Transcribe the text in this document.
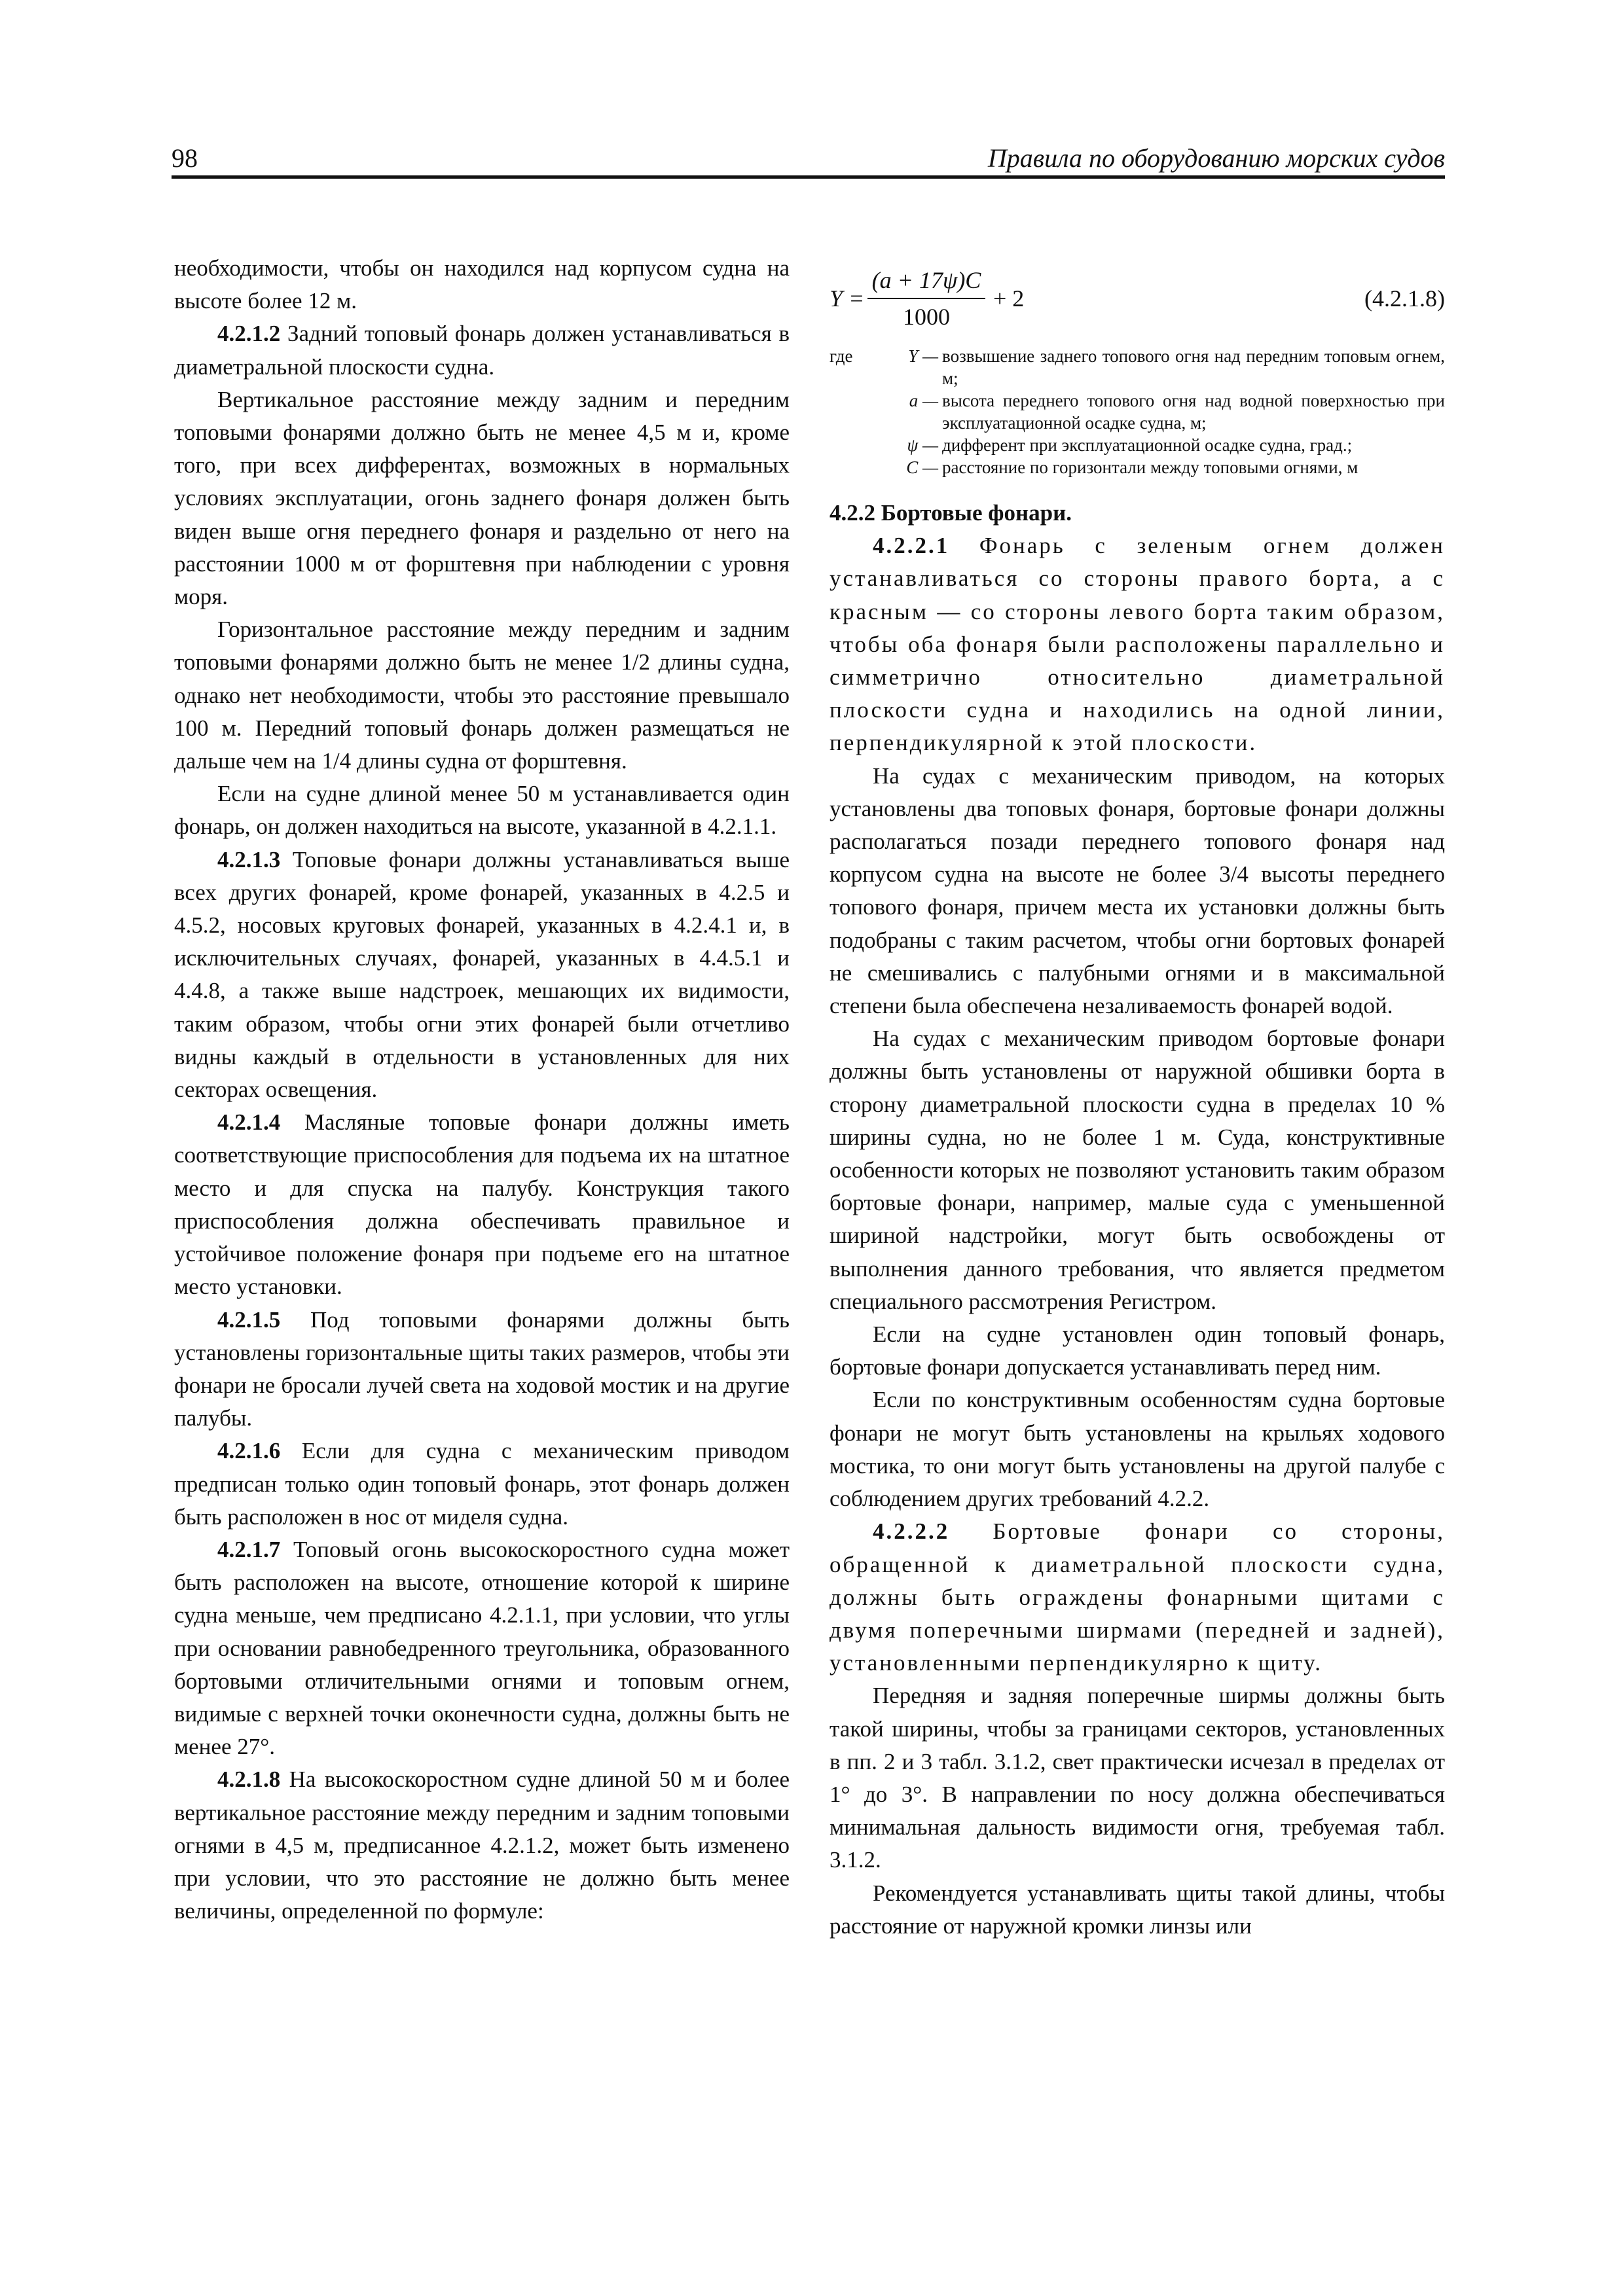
98	Правила по оборудованию морских судов

необходимости, чтобы он находился над корпусом судна на высоте более 12 м.

4.2.1.2 Задний топовый фонарь должен устанавливаться в диаметральной плоскости судна.

Вертикальное расстояние между задним и передним топовыми фонарями должно быть не менее 4,5 м и, кроме того, при всех дифферентах, возможных в нормальных условиях эксплуатации, огонь заднего фонаря должен быть виден выше огня переднего фонаря и раздельно от него на расстоянии 1000 м от форштевня при наблюдении с уровня моря.

Горизонтальное расстояние между передним и задним топовыми фонарями должно быть не менее 1/2 длины судна, однако нет необходимости, чтобы это расстояние превышало 100 м. Передний топовый фонарь должен размещаться не дальше чем на 1/4 длины судна от форштевня.

Если на судне длиной менее 50 м устанавливается один фонарь, он должен находиться на высоте, указанной в 4.2.1.1.

4.2.1.3 Топовые фонари должны устанавливаться выше всех других фонарей, кроме фонарей, указанных в 4.2.5 и 4.5.2, носовых круговых фонарей, указанных в 4.2.4.1 и, в исключительных случаях, фонарей, указанных в 4.4.5.1 и 4.4.8, а также выше надстроек, мешающих их видимости, таким образом, чтобы огни этих фонарей были отчетливо видны каждый в отдельности в установленных для них секторах освещения.

4.2.1.4 Масляные топовые фонари должны иметь соответствующие приспособления для подъема их на штатное место и для спуска на палубу. Конструкция такого приспособления должна обеспечивать правильное и устойчивое положение фонаря при подъеме его на штатное место установки.

4.2.1.5 Под топовыми фонарями должны быть установлены горизонтальные щиты таких размеров, чтобы эти фонари не бросали лучей света на ходовой мостик и на другие палубы.

4.2.1.6 Если для судна с механическим приводом предписан только один топовый фонарь, этот фонарь должен быть расположен в нос от миделя судна.

4.2.1.7 Топовый огонь высокоскоростного судна может быть расположен на высоте, отношение которой к ширине судна меньше, чем предписано 4.2.1.1, при условии, что углы при основании равнобедренного треугольника, образованного бортовыми отличительными огнями и топовым огнем, видимые с верхней точки оконечности судна, должны быть не менее 27°.

4.2.1.8 На высокоскоростном судне длиной 50 м и более вертикальное расстояние между передним и задним топовыми огнями в 4,5 м, предписанное 4.2.1.2, может быть изменено при условии, что это расстояние не должно быть менее величины, определенной по формуле:

$Y = \frac{(a + 17\psi)C}{1000} + 2$	(4.2.1.8)
где	Y — возвышение заднего топового огня над передним топовым огнем, м;
a — высота переднего топового огня над водной поверхностью при эксплуатационной осадке судна, м;
ψ — дифферент при эксплуатационной осадке судна, град.;
C — расстояние по горизонтали между топовыми огнями, м

4.2.2 Бортовые фонари.

4.2.2.1 Фонарь с зеленым огнем должен устанавливаться со стороны правого борта, а с красным — со стороны левого борта таким образом, чтобы оба фонаря были расположены параллельно и симметрично относительно диаметральной плоскости судна и находились на одной линии, перпендикулярной к этой плоскости.

На судах с механическим приводом, на которых установлены два топовых фонаря, бортовые фонари должны располагаться позади переднего топового фонаря над корпусом судна на высоте не более 3/4 высоты переднего топового фонаря, причем места их установки должны быть подобраны с таким расчетом, чтобы огни бортовых фонарей не смешивались с палубными огнями и в максимальной степени была обеспечена незаливаемость фонарей водой.

На судах с механическим приводом бортовые фонари должны быть установлены от наружной обшивки борта в сторону диаметральной плоскости судна в пределах 10 % ширины судна, но не более 1 м. Суда, конструктивные особенности которых не позволяют установить таким образом бортовые фонари, например, малые суда с уменьшенной шириной надстройки, могут быть освобождены от выполнения данного требования, что является предметом специального рассмотрения Регистром.

Если на судне установлен один топовый фонарь, бортовые фонари допускается устанавливать перед ним.

Если по конструктивным особенностям судна бортовые фонари не могут быть установлены на крыльях ходового мостика, то они могут быть установлены на другой палубе с соблюдением других требований 4.2.2.

4.2.2.2 Бортовые фонари со стороны, обращенной к диаметральной плоскости судна, должны быть ограждены фонарными щитами с двумя поперечными ширмами (передней и задней), установленными перпендикулярно к щиту.

Передняя и задняя поперечные ширмы должны быть такой ширины, чтобы за границами секторов, установленных в пп. 2 и 3 табл. 3.1.2, свет практически исчезал в пределах от 1° до 3°. В направлении по носу должна обеспечиваться минимальная дальность видимости огня, требуемая табл. 3.1.2.

Рекомендуется устанавливать щиты такой длины, чтобы расстояние от наружной кромки линзы или
